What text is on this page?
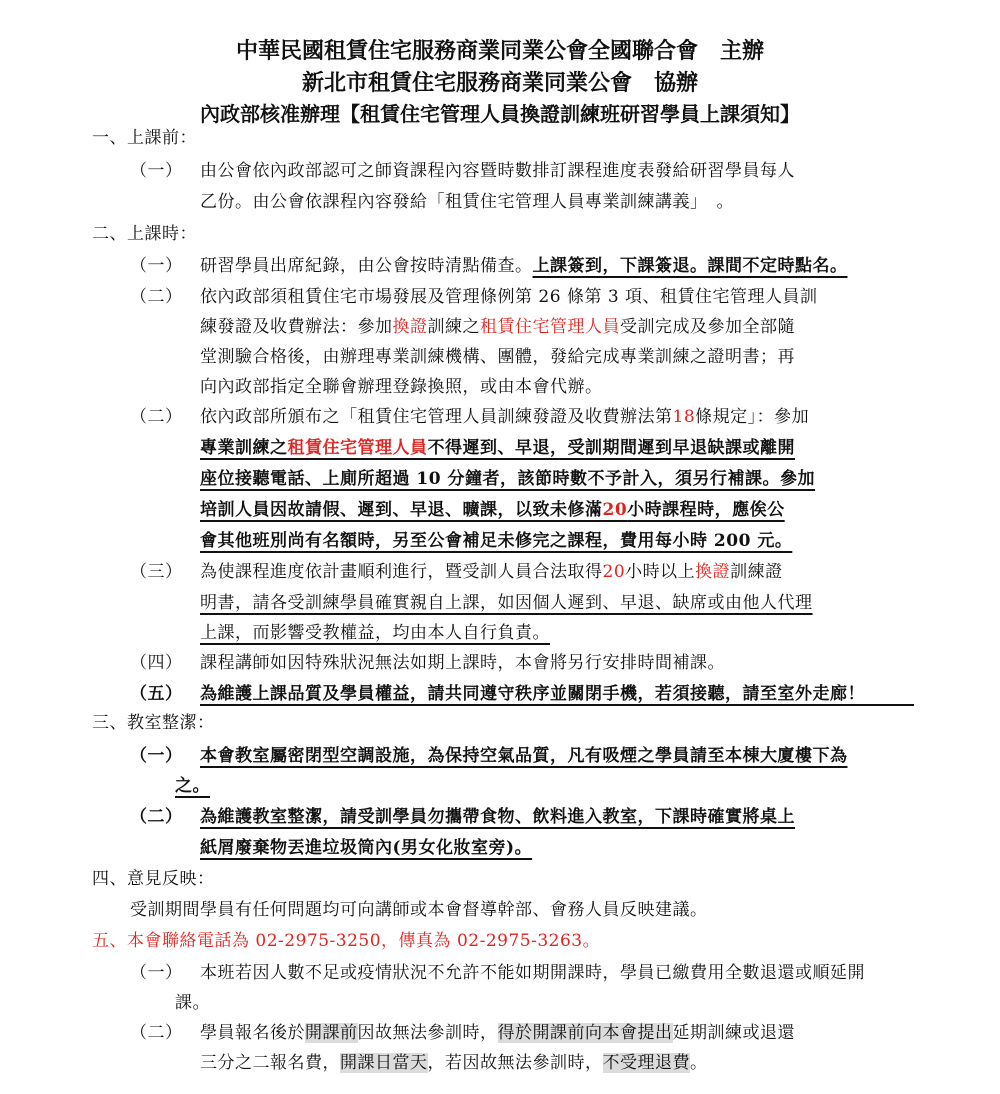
中華民國租賃住宅服務商業同業公會全國聯合會　主辦
新北市租賃住宅服務商業同業公會　協辦
內政部核准辦理【租賃住宅管理人員換證訓練班研習學員上課須知】
一、上課前：
（一） 由公會依內政部認可之師資課程內容暨時數排訂課程進度表發給研習學員每人
乙份。由公會依課程內容發給「租賃住宅管理人員專業訓練講義」　。
二、上課時：
（一） 研習學員出席紀錄，由公會按時清點備查。上課簽到，下課簽退。課間不定時點名。
（二） 依內政部須租賃住宅市場發展及管理條例第 26 條第 3 項、租賃住宅管理人員訓
練發證及收費辦法：參加換證訓練之租賃住宅管理人員受訓完成及參加全部隨
堂測驗合格後，由辦理專業訓練機構、團體，發給完成專業訓練之證明書；再
向內政部指定全聯會辦理登錄換照，或由本會代辦。
（二） 依內政部所頒布之「租賃住宅管理人員訓練發證及收費辦法第18條規定」：參加
專業訓練之租賃住宅管理人員不得遲到、早退，受訓期間遲到早退缺課或離開
座位接聽電話、上廁所超過 10 分鐘者，該節時數不予計入，須另行補課。參加
培訓人員因故請假、遲到、早退、曠課，以致未修滿20小時課程時，應俟公
會其他班別尚有名額時，另至公會補足未修完之課程，費用每小時 200 元。
（三） 為使課程進度依計畫順利進行，暨受訓人員合法取得20小時以上換證訓練證
明書，請各受訓練學員確實親自上課，如因個人遲到、早退、缺席或由他人代理
上課，而影響受教權益，均由本人自行負責。
（四） 課程講師如因特殊狀況無法如期上課時，本會將另行安排時間補課。
（五） 為維護上課品質及學員權益，請共同遵守秩序並關閉手機，若須接聽，請至室外走廊！
三、教室整潔：
（一） 本會教室屬密閉型空調設施，為保持空氣品質，凡有吸煙之學員請至本棟大廈樓下為
之。
（二） 為維護教室整潔，請受訓學員勿攜帶食物、飲料進入教室，下課時確實將桌上
紙屑廢棄物丟進垃圾筒內(男女化妝室旁)。
四、意見反映：
受訓期間學員有任何問題均可向講師或本會督導幹部、會務人員反映建議。
五、本會聯絡電話為 02-2975-3250，傳真為 02-2975-3263。
（一） 本班若因人數不足或疫情狀況不允許不能如期開課時，學員已繳費用全數退還或順延開
課。
（二） 學員報名後於開課前因故無法參訓時，得於開課前向本會提出延期訓練或退還
三分之二報名費，開課日當天，若因故無法參訓時，不受理退費。
